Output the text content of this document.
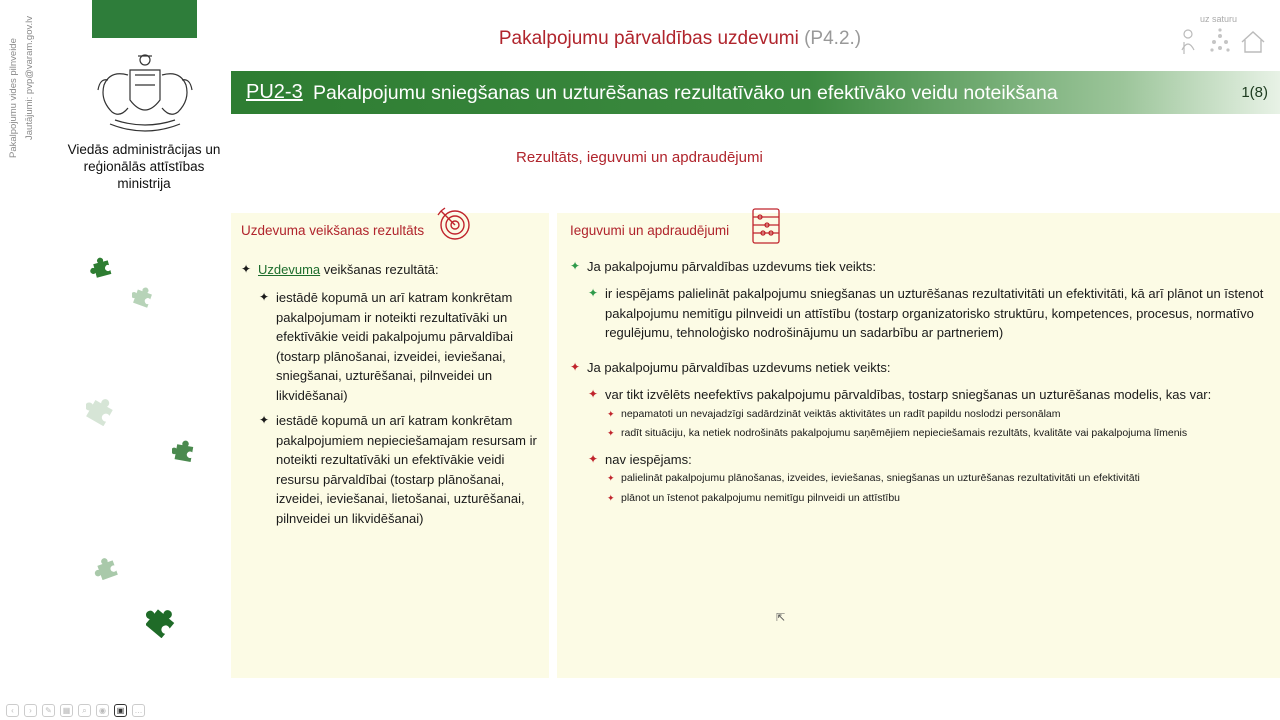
Pakalpojumu vides pilnveide Jautājumi: pvp@varam.gov.lv
Viedās administrācijas un
reģionālās attīstības
ministrija
Pakalpojumu pārvaldības uzdevumi (P4.2.)
uz saturu
PU2-3 Pakalpojumu sniegšanas un uzturēšanas rezultatīvāko un efektīvāko veidu noteikšana	1(8)
Rezultāts, ieguvumi un apdraudējumi
Uzdevuma veikšanas rezultāts
✦ Uzdevuma veikšanas rezultātā:
✦ iestādē kopumā un arī katram konkrētam pakalpojumam ir noteikti rezultatīvāki un efektīvākie veidi pakalpojumu pārvaldībai (tostarp plānošanai, izveidei, ieviešanai, sniegšanai, uzturēšanai, pilnveidei un likvidēšanai)
✦ iestādē kopumā un arī katram konkrētam pakalpojumiem nepieciešamajam resursam ir noteikti rezultatīvāki un efektīvākie veidi resursu pārvaldībai (tostarp plānošanai, izveidei, ieviešanai, lietošanai, uzturēšanai, pilnveidei un likvidēšanai)
Ieguvumi un apdraudējumi
✦ Ja pakalpojumu pārvaldības uzdevums tiek veikts:
✦ ir iespējams palielināt pakalpojumu sniegšanas un uzturēšanas rezultativitāti un efektivitāti, kā arī plānot un īstenot pakalpojumu nemitīgu pilnveidi un attīstību (tostarp organizatorisko struktūru, kompetences, procesus, normatīvo regulējumu, tehnoloģisko nodrošinājumu un sadarbību ar partneriem)
✦ Ja pakalpojumu pārvaldības uzdevums netiek veikts:
✦ var tikt izvēlēts neefektīvs pakalpojumu pārvaldības, tostarp sniegšanas un uzturēšanas modelis, kas var:
✦ nepamatoti un nevajadzīgi sadārdzināt veiktās aktivitātes un radīt papildu noslodzi personālam
✦ radīt situāciju, ka netiek nodrošināts pakalpojumu saņēmējiem nepieciešamais rezultāts, kvalitāte vai pakalpojuma līmenis
✦ nav iespējams:
✦ palielināt pakalpojumu plānošanas, izveides, ieviešanas, sniegšanas un uzturēšanas rezultativitāti un efektivitāti
✦ plānot un īstenot pakalpojumu nemitīgu pilnveidi un attīstību
‹	›	✎	▦	⌕	◉	▣	…
⇱
